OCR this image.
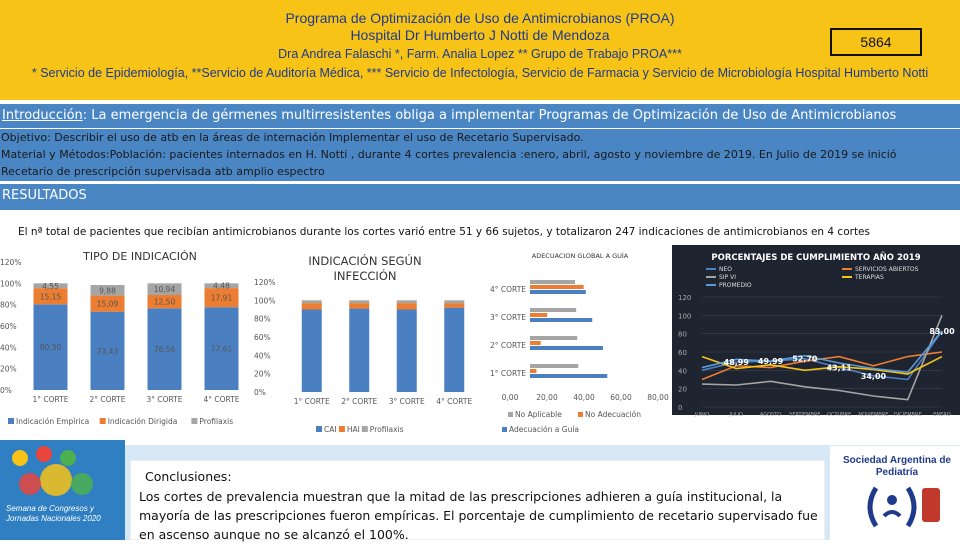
Programa de Optimización de Uso de Antimicrobianos (PROA)
Hospital Dr Humberto J Notti de Mendoza	5864
Dra Andrea Falaschi *, Farm. Analia Lopez ** Grupo de Trabajo PROA***
* Servicio de Epidemiología, **Servicio de Auditoría Médica, *** Servicio de Infectología, Servicio de Farmacia y Servicio de Microbiología Hospital Humberto Notti
Introducción: La emergencia de gérmenes multirresistentes obliga a implementar Programas de Optimización de Uso de Antimicrobianos
Objetivo: Describir el uso de atb en la áreas de internación Implementar el uso de Recetario Supervisado.
Material y Métodos:Población: pacientes internados en H. Notti , durante 4 cortes prevalencia :enero, abril, agosto y noviembre de 2019. En Julio de 2019 se inició
Recetario de prescripción supervisada atb amplio espectro
RESULTADOS
El nª total de pacientes que recibían antimicrobianos durante los cortes varió entre 51 y 66 sujetos, y totalizaron 247 indicaciones de antimicrobianos en 4 cortes
TIPO DE INDICACIÓN
0%
20%
40%
60%
80%
100%
120%
80,30
15,15
4,55
1° CORTE
73,43
15,09
9,88
2° CORTE
76,56
12,50
10,94
3° CORTE
77,61
17,91
4,48
4° CORTE
Indicación Empírica Indicación Dirigida	Profilaxis
INDICACIÓN SEGÚN INFECCIÓN
0%
20%
40%
60%
80%
100%
120%
1° CORTE 2° CORTE 3° CORTE 4° CORTE
CAI HAI Profilaxis
ADECUACION GLOBAL A GUÍA
0,00 20,00 40,00 60,00 80,00
4° CORTE
3° CORTE
2° CORTE
1° CORTE
No Aplicable	No Adecuación
Adecuación a Guía
PORCENTAJES DE CUMPLIMIENTO AÑO 2019
0
20
40
60
80
100
120
JUNIO	JULIO	AGOSTO SEPTIEMBRE OCTUBRE NOVIEMBRE DICIEMBRE ENERO
48,99 49,99 52,70
43,11
34,00
83,00
NEO
SIP VI
PROMEDIO
SERVICIOS ABIERTOS
TERAPIAS
Semana de Congresos y Jornadas Nacionales 2020
Conclusiones:
Los cortes de prevalencia muestran que la mitad de las prescripciones adhieren a guía institucional, la mayoría de las prescripciones fueron empíricas. El porcentaje de cumplimiento de recetario supervisado fue en ascenso aunque no se alcanzó el 100%.
Sociedad Argentina de Pediatría
